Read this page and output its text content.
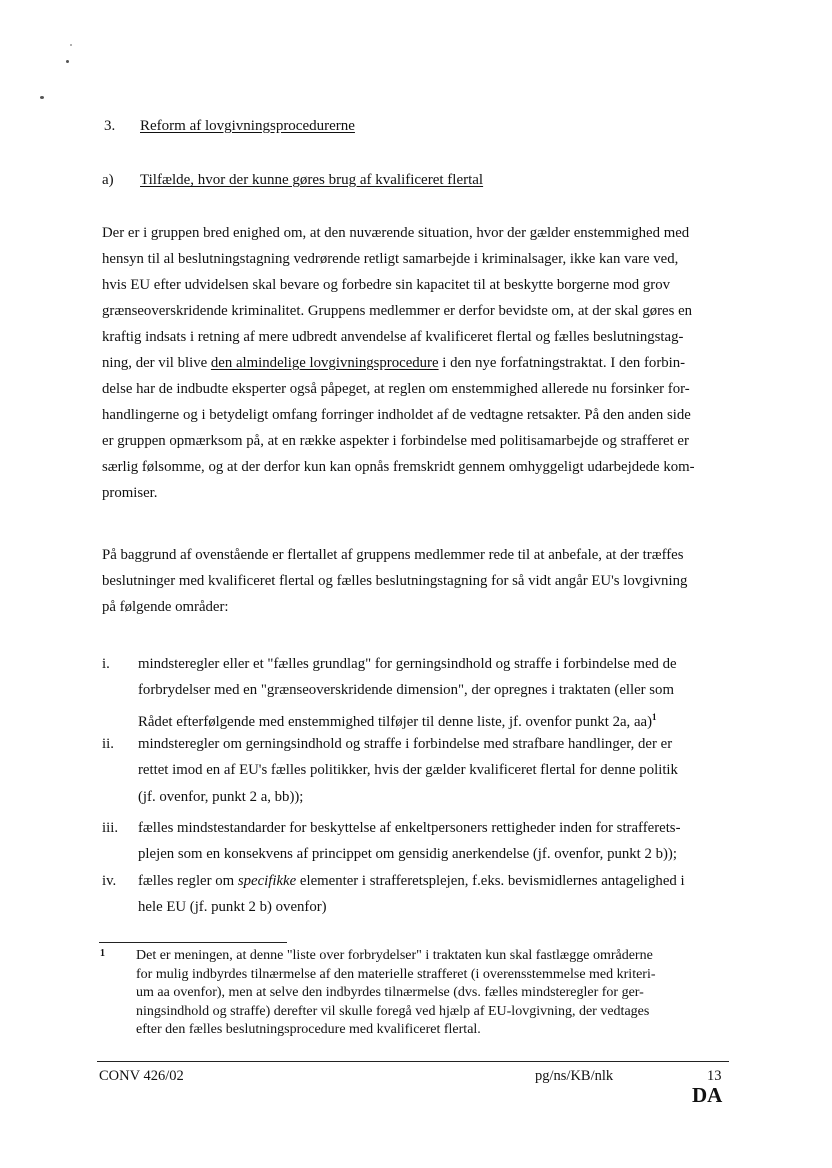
3. Reform af lovgivningsprocedurerne
a) Tilfælde, hvor der kunne gøres brug af kvalificeret flertal
Der er i gruppen bred enighed om, at den nuværende situation, hvor der gælder enstemmighed med
hensyn til al beslutningstagning vedrørende retligt samarbejde i kriminalsager, ikke kan vare ved,
hvis EU efter udvidelsen skal bevare og forbedre sin kapacitet til at beskytte borgerne mod grov
grænseoverskridende kriminalitet. Gruppens medlemmer er derfor bevidste om, at der skal gøres en
kraftig indsats i retning af mere udbredt anvendelse af kvalificeret flertal og fælles beslutningstag-
ning, der vil blive den almindelige lovgivningsprocedure i den nye forfatningstraktat. I den forbin-
delse har de indbudte eksperter også påpeget, at reglen om enstemmighed allerede nu forsinker for-
handlingerne og i betydeligt omfang forringer indholdet af de vedtagne retsakter. På den anden side
er gruppen opmærksom på, at en række aspekter i forbindelse med politisamarbejde og strafferet er
særlig følsomme, og at der derfor kun kan opnås fremskridt gennem omhyggeligt udarbejdede kom-
promiser.
På baggrund af ovenstående er flertallet af gruppens medlemmer rede til at anbefale, at der træffes
beslutninger med kvalificeret flertal og fælles beslutningstagning for så vidt angår EU's lovgivning
på følgende områder:
i. mindsteregler eller et "fælles grundlag" for gerningsindhold og straffe i forbindelse med de
forbrydelser med en "grænseoverskridende dimension", der opregnes i traktaten (eller som
Rådet efterfølgende med enstemmighed tilføjer til denne liste, jf. ovenfor punkt 2a, aa)$^1$
ii. mindsteregler om gerningsindhold og straffe i forbindelse med strafbare handlinger, der er
rettet imod en af EU's fælles politikker, hvis der gælder kvalificeret flertal for denne politik
(jf. ovenfor, punkt 2 a, bb));
iii. fælles mindstestandarder for beskyttelse af enkeltpersoners rettigheder inden for strafferets-
plejen som en konsekvens af princippet om gensidig anerkendelse (jf. ovenfor, punkt 2 b));
iv. fælles regler om specifikke elementer i strafferetsplejen, f.eks. bevismidlernes antagelighed i
hele EU (jf. punkt 2 b) ovenfor)
1 Det er meningen, at denne "liste over forbrydelser" i traktaten kun skal fastlægge områderne
for mulig indbyrdes tilnærmelse af den materielle strafferet (i overensstemmelse med kriteri-
um aa ovenfor), men at selve den indbyrdes tilnærmelse (dvs. fælles mindsteregler for ger-
ningsindhold og straffe) derefter vil skulle foregå ved hjælp af EU-lovgivning, der vedtages
efter den fælles beslutningsprocedure med kvalificeret flertal.
CONV 426/02	pg/ns/KB/nlk	13
DA
